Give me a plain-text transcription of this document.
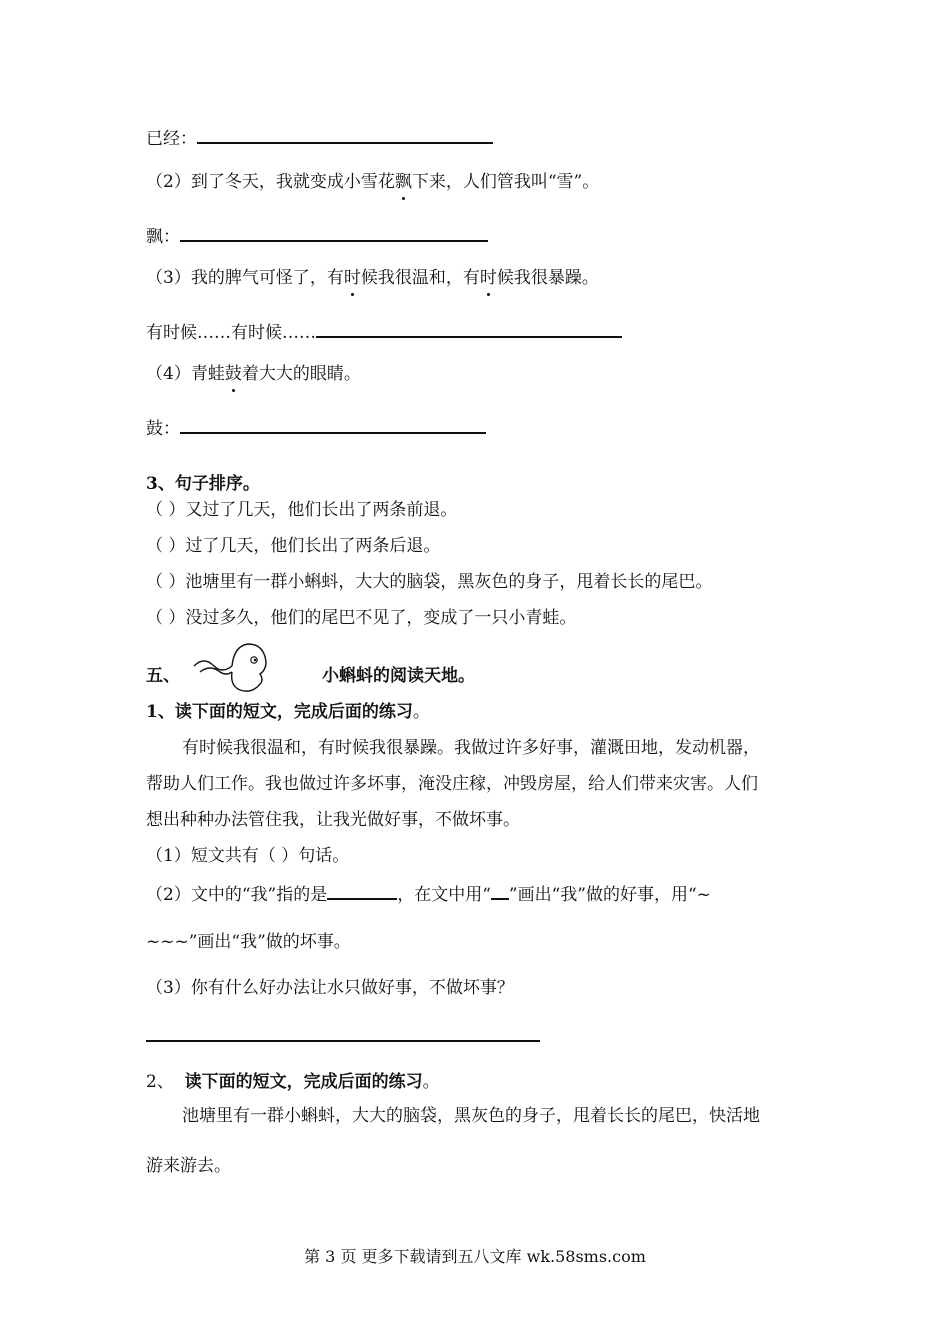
已经：
（2）到了冬天，我就变成小雪花飘下来，人们管我叫“雪”。
飘：
（3）我的脾气可怪了，有时候我很温和，有时候我很暴躁。
有时候……有时候……
（4）青蛙鼓着大大的眼睛。
鼓：
3、句子排序。
（ ）又过了几天，他们长出了两条前退。
（ ）过了几天，他们长出了两条后退。
（ ）池塘里有一群小蝌蚪，大大的脑袋，黑灰色的身子，甩着长长的尾巴。
（ ）没过多久，他们的尾巴不见了，变成了一只小青蛙。
五、	小蝌蚪的阅读天地。
1、读下面的短文，完成后面的练习。
有时候我很温和，有时候我很暴躁。我做过许多好事，灌溉田地，发动机器，
帮助人们工作。我也做过许多坏事，淹没庄稼，冲毁房屋，给人们带来灾害。人们
想出种种办法管住我，让我光做好事，不做坏事。
（1）短文共有（ ）句话。
（2）文中的“我”指的是	，在文中用“ ”画出“我”做的好事，用“~
~~~”画出“我”做的坏事。
（3）你有什么好办法让水只做好事，不做坏事？
2、 读下面的短文，完成后面的练习。
池塘里有一群小蝌蚪，大大的脑袋，黑灰色的身子，甩着长长的尾巴，快活地
游来游去。
第 3 页 更多下载请到五八文库 wk.58sms.com
